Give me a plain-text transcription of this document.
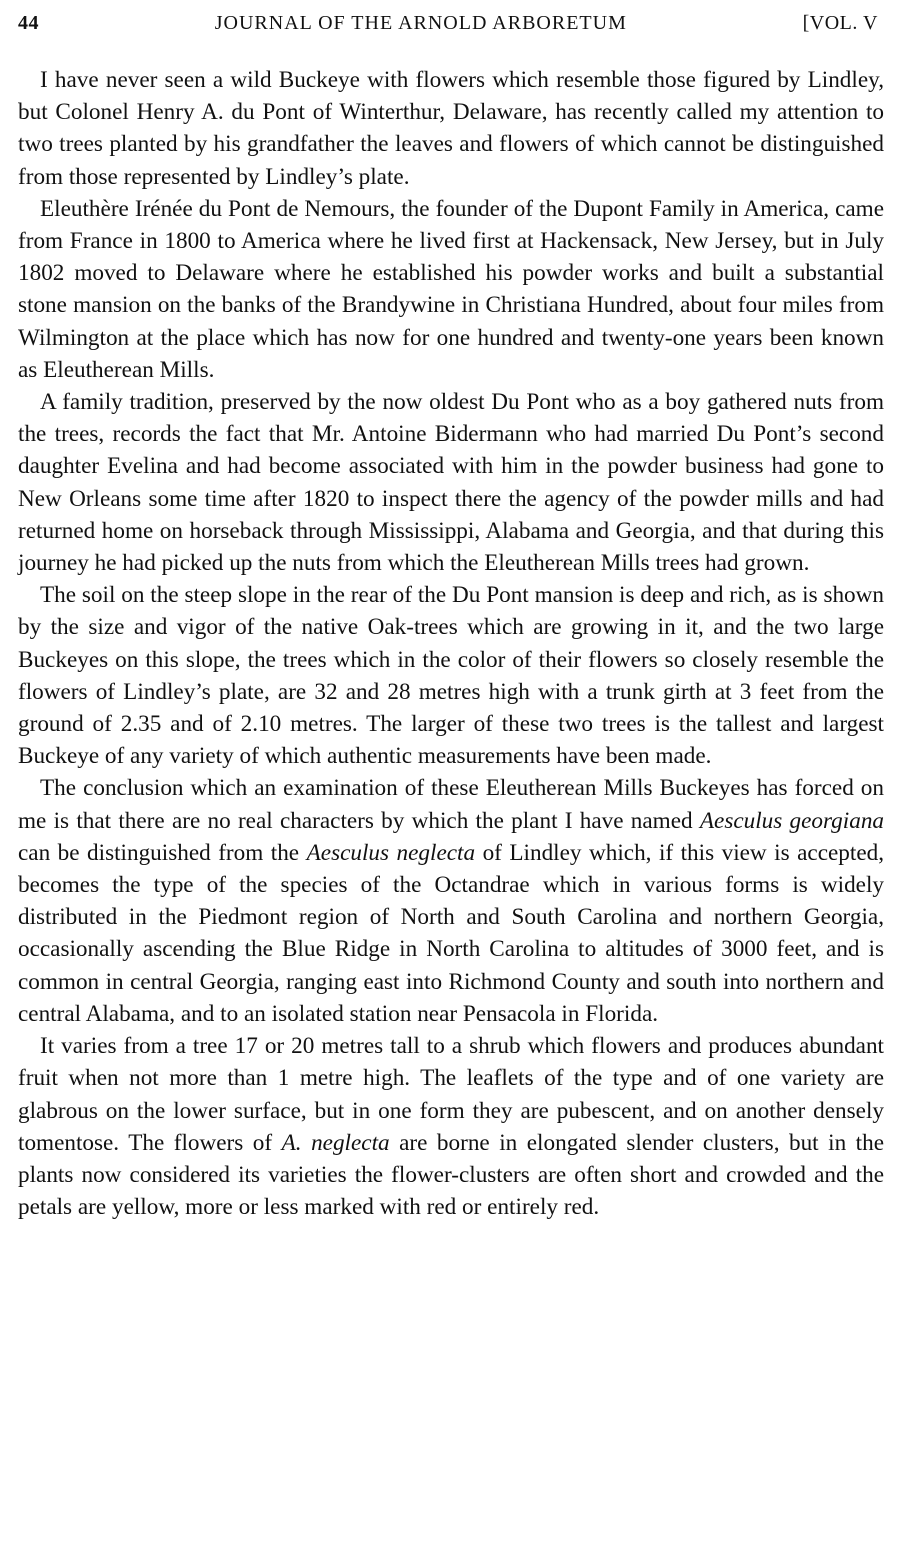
44	JOURNAL OF THE ARNOLD ARBORETUM	[VOL. V

I have never seen a wild Buckeye with flowers which resemble those figured by Lindley, but Colonel Henry A. du Pont of Winterthur, Delaware, has recently called my attention to two trees planted by his grandfather the leaves and flowers of which cannot be distinguished from those represented by Lindley’s plate.

Eleuthère Irénée du Pont de Nemours, the founder of the Dupont Family in America, came from France in 1800 to America where he lived first at Hackensack, New Jersey, but in July 1802 moved to Delaware where he established his powder works and built a substantial stone mansion on the banks of the Brandywine in Christiana Hundred, about four miles from Wilmington at the place which has now for one hundred and twenty-one years been known as Eleutherean Mills.

A family tradition, preserved by the now oldest Du Pont who as a boy gathered nuts from the trees, records the fact that Mr. Antoine Bidermann who had married Du Pont’s second daughter Evelina and had become associated with him in the powder business had gone to New Orleans some time after 1820 to inspect there the agency of the powder mills and had returned home on horseback through Mississippi, Alabama and Georgia, and that during this journey he had picked up the nuts from which the Eleutherean Mills trees had grown.

The soil on the steep slope in the rear of the Du Pont mansion is deep and rich, as is shown by the size and vigor of the native Oak-trees which are growing in it, and the two large Buckeyes on this slope, the trees which in the color of their flowers so closely resemble the flowers of Lindley’s plate, are 32 and 28 metres high with a trunk girth at 3 feet from the ground of 2.35 and of 2.10 metres. The larger of these two trees is the tallest and largest Buckeye of any variety of which authentic measurements have been made.

The conclusion which an examination of these Eleutherean Mills Buckeyes has forced on me is that there are no real characters by which the plant I have named Aesculus georgiana can be distinguished from the Aesculus neglecta of Lindley which, if this view is accepted, becomes the type of the species of the Octandrae which in various forms is widely distributed in the Piedmont region of North and South Carolina and northern Georgia, occasionally ascending the Blue Ridge in North Carolina to altitudes of 3000 feet, and is common in central Georgia, ranging east into Richmond County and south into northern and central Alabama, and to an isolated station near Pensacola in Florida.

It varies from a tree 17 or 20 metres tall to a shrub which flowers and produces abundant fruit when not more than 1 metre high. The leaflets of the type and of one variety are glabrous on the lower surface, but in one form they are pubescent, and on another densely tomentose. The flowers of A. neglecta are borne in elongated slender clusters, but in the plants now considered its varieties the flower-clusters are often short and crowded and the petals are yellow, more or less marked with red or entirely red.
